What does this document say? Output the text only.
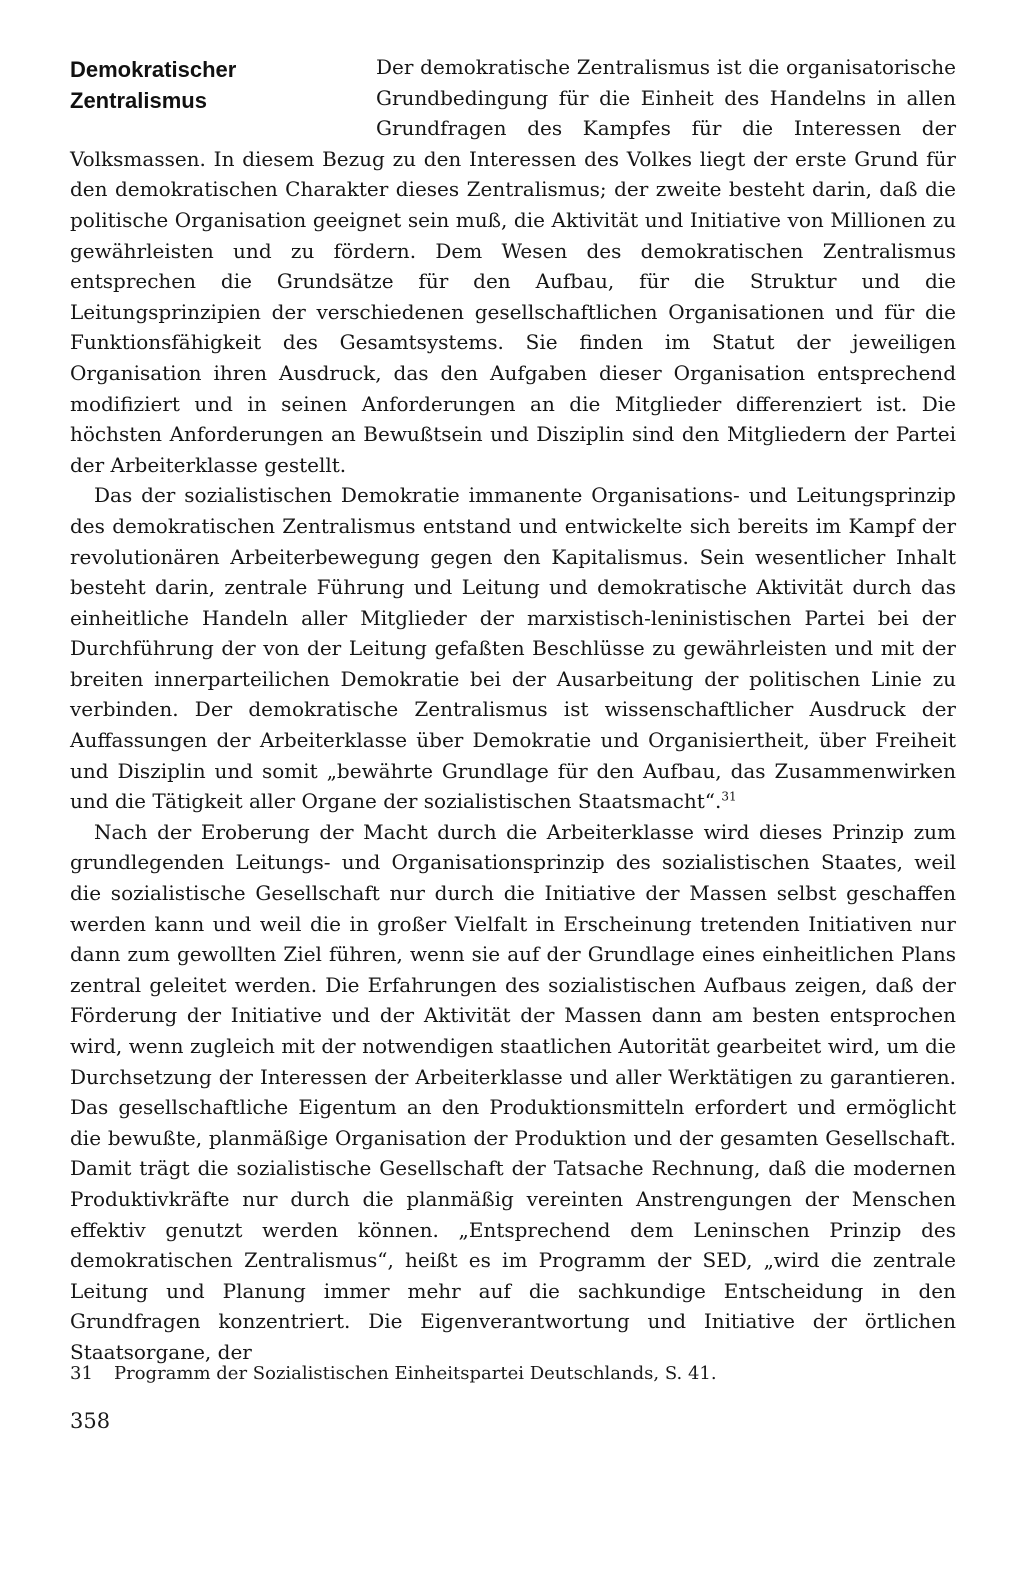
Demokratischer
Zentralismus

Der demokratische Zentralismus ist die organisatorische Grundbedingung für die Einheit des Handelns in allen Grundfragen des Kampfes für die Interessen der Volksmassen. In diesem Bezug zu den Interessen des Volkes liegt der erste Grund für den demokratischen Charakter dieses Zentralismus; der zweite besteht darin, daß die politische Organisation geeignet sein muß, die Aktivität und Initiative von Millionen zu gewährleisten und zu fördern. Dem Wesen des demokratischen Zentralismus entsprechen die Grundsätze für den Aufbau, für die Struktur und die Leitungsprinzipien der verschiedenen gesellschaftlichen Organisationen und für die Funktionsfähigkeit des Gesamtsystems. Sie finden im Statut der jeweiligen Organisation ihren Ausdruck, das den Aufgaben dieser Organisation entsprechend modifiziert und in seinen Anforderungen an die Mitglieder differenziert ist. Die höchsten Anforderungen an Bewußtsein und Disziplin sind den Mitgliedern der Partei der Arbeiterklasse gestellt.

Das der sozialistischen Demokratie immanente Organisations- und Leitungsprinzip des demokratischen Zentralismus entstand und entwickelte sich bereits im Kampf der revolutionären Arbeiterbewegung gegen den Kapitalismus. Sein wesentlicher Inhalt besteht darin, zentrale Führung und Leitung und demokratische Aktivität durch das einheitliche Handeln aller Mitglieder der marxistisch-leninistischen Partei bei der Durchführung der von der Leitung gefaßten Beschlüsse zu gewährleisten und mit der breiten innerparteilichen Demokratie bei der Ausarbeitung der politischen Linie zu verbinden. Der demokratische Zentralismus ist wissenschaftlicher Ausdruck der Auffassungen der Arbeiterklasse über Demokratie und Organisiertheit, über Freiheit und Disziplin und somit „bewährte Grundlage für den Aufbau, das Zusammenwirken und die Tätigkeit aller Organe der sozialistischen Staatsmacht“.$^{31}$

Nach der Eroberung der Macht durch die Arbeiterklasse wird dieses Prinzip zum grundlegenden Leitungs- und Organisationsprinzip des sozialistischen Staates, weil die sozialistische Gesellschaft nur durch die Initiative der Massen selbst geschaffen werden kann und weil die in großer Vielfalt in Erscheinung tretenden Initiativen nur dann zum gewollten Ziel führen, wenn sie auf der Grundlage eines einheitlichen Plans zentral geleitet werden. Die Erfahrungen des sozialistischen Aufbaus zeigen, daß der Förderung der Initiative und der Aktivität der Massen dann am besten entsprochen wird, wenn zugleich mit der notwendigen staatlichen Autorität gearbeitet wird, um die Durchsetzung der Interessen der Arbeiterklasse und aller Werktätigen zu garantieren. Das gesellschaftliche Eigentum an den Produktionsmitteln erfordert und ermöglicht die bewußte, planmäßige Organisation der Produktion und der gesamten Gesellschaft. Damit trägt die sozialistische Gesellschaft der Tatsache Rechnung, daß die modernen Produktivkräfte nur durch die planmäßig vereinten Anstrengungen der Menschen effektiv genutzt werden können. „Entsprechend dem Leninschen Prinzip des demokratischen Zentralismus“, heißt es im Programm der SED, „wird die zentrale Leitung und Planung immer mehr auf die sachkundige Entscheidung in den Grundfragen konzentriert. Die Eigenverantwortung und Initiative der örtlichen Staatsorgane, der

31 Programm der Sozialistischen Einheitspartei Deutschlands, S. 41.
358
